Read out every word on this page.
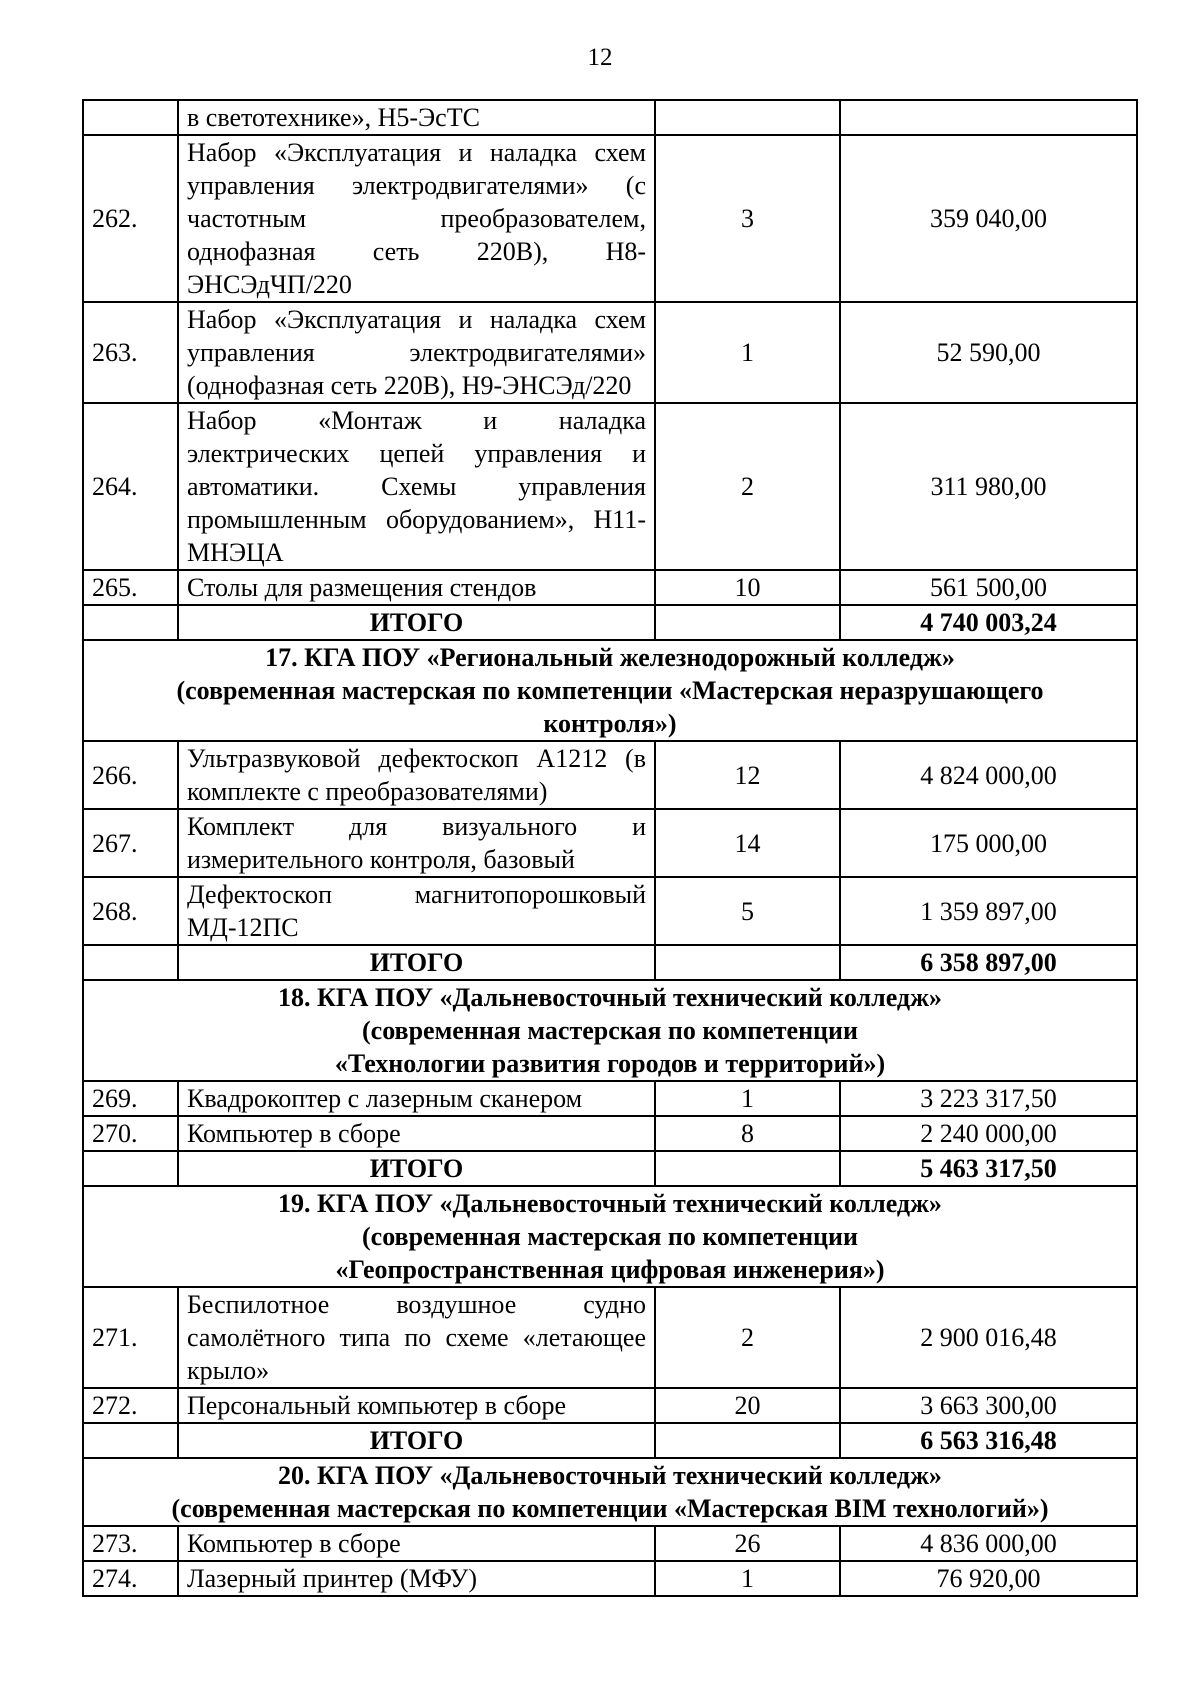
12
	в светотехнике», Н5-ЭсТС		
262.	Набор «Эксплуатация и наладка схем управления электродвигателями» (с частотным преобразователем, однофазная сеть 220В), Н8-ЭНСЭдЧП/220	3	359 040,00
263.	Набор «Эксплуатация и наладка схем управления электродвигателями» (однофазная сеть 220В), Н9-ЭНСЭд/220	1	52 590,00
264.	Набор «Монтаж и наладка электрических цепей управления и автоматики. Схемы управления промышленным оборудованием», Н11-МНЭЦА	2	311 980,00
265.	Столы для размещения стендов	10	561 500,00
	ИТОГО		4 740 003,24

17. КГА ПОУ «Региональный железнодорожный колледж»
(современная мастерская по компетенции «Мастерская неразрушающего
контроля»)			

266.	Ультразвуковой дефектоскоп А1212 (в комплекте с преобразователями)	12	4 824 000,00
267.	Комплект для визуального и измерительного контроля, базовый	14	175 000,00
268.	Дефектоскоп магнитопорошковый МД-12ПС	5	1 359 897,00
	ИТОГО		6 358 897,00

18. КГА ПОУ «Дальневосточный технический колледж»
(современная мастерская по компетенции
«Технологии развития городов и территорий»)			

269.	Квадрокоптер с лазерным сканером	1	3 223 317,50
270.	Компьютер в сборе	8	2 240 000,00
	ИТОГО		5 463 317,50

19. КГА ПОУ «Дальневосточный технический колледж»
(современная мастерская по компетенции
«Геопространственная цифровая инженерия»)			

271.	Беспилотное воздушное судно самолётного типа по схеме «летающее крыло»	2	2 900 016,48
272.	Персональный компьютер в сборе	20	3 663 300,00
	ИТОГО		6 563 316,48

20. КГА ПОУ «Дальневосточный технический колледж»
(современная мастерская по компетенции «Мастерская BIM технологий»)			

273.	Компьютер в сборе	26	4 836 000,00
274.	Лазерный принтер (МФУ)	1	76 920,00
